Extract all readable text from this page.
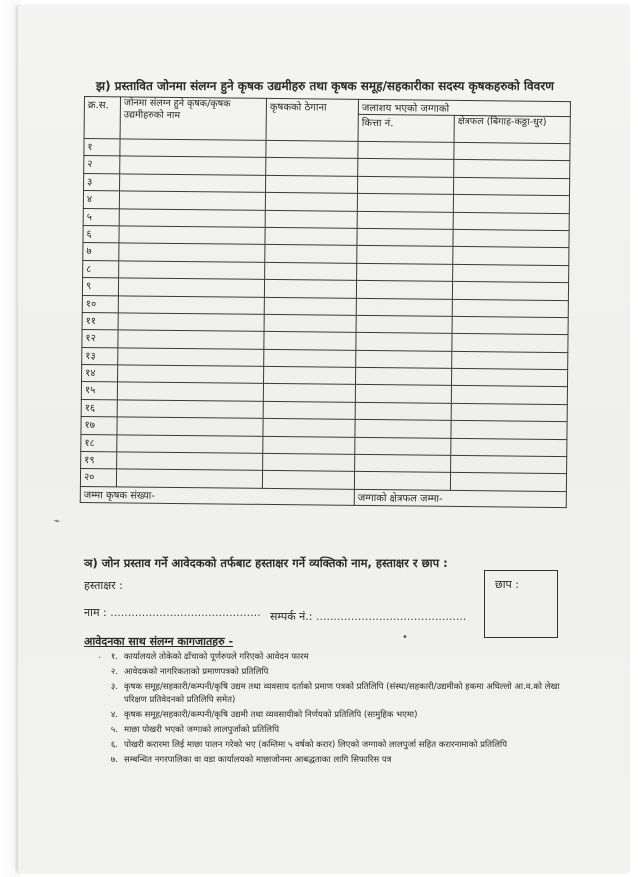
झ) प्रस्तावित जोनमा संलग्न हुने कृषक उद्यमीहरु तथा कृषक समूह/सहकारीका सदस्य कृषकहरुको विवरण
क्र.स.	जोनमा संलग्न हुने कृषक/कृषक उद्यमीहरुको नाम	कृषकको ठेगाना	जलाशय भएको जग्गाको	
			कित्ता नं.	क्षेत्रफल (बिगाह-कठ्ठा-धुर)
१				
२				
३				
४				
५				
६				
७				
८				
९				
१०				
११				
१२				
१३				
१४				
१५				
१६				
१७				
१८				
१९				
२०				
जम्मा कृषक संख्या-			जग्गाको क्षेत्रफल जम्मा-	
ञ) जोन प्रस्ताव गर्ने आवेदकको तर्फबाट हस्ताक्षर गर्ने व्यक्तिको नाम, हस्ताक्षर र छाप :
हस्ताक्षर :
नाम : ........................................... सम्पर्क नं.: ...........................................
छाप :
आवेदनका साथ संलग्न कागजातहरु -
१. कार्यालयले तोकेको ढाँचाको पूर्णरुपले गरिएको आवेदन फारम
२. आवेदकको नागरिकताको प्रमाणपत्रको प्रतिलिपि
३. कृषक समूह/सहकारी/कम्पनी/कृषि उद्यम तथा व्यवसाय दर्ताको प्रमाण पत्रको प्रतिलिपि (संस्था/सहकारी/उद्यमीको हकमा अघिल्लो आ.व.को लेखा परिक्षण प्रतिवेदनको प्रतिलिपि समेत)
४. कृषक समूह/सहकारी/कम्पनी/कृषि उद्यमी तथा व्यवसायीको निर्णयको प्रतिलिपि (सामुहिक भएमा)
५. माछा पोखरी भएको जग्गाको लालपुर्जाको प्रतिलिपि
६. पोखरी करारमा लिई माछा पालन गरेको भए (कम्तिमा ५ वर्षको करार) लिएको जग्गाको लालपुर्जा सहित करारनामाको प्रतिलिपि
७. सम्बन्धित नगरपालिका वा वडा कार्यालयको माछाजोनमा आबद्धताका लागि सिफारिस पत्र
.
•
⌁
